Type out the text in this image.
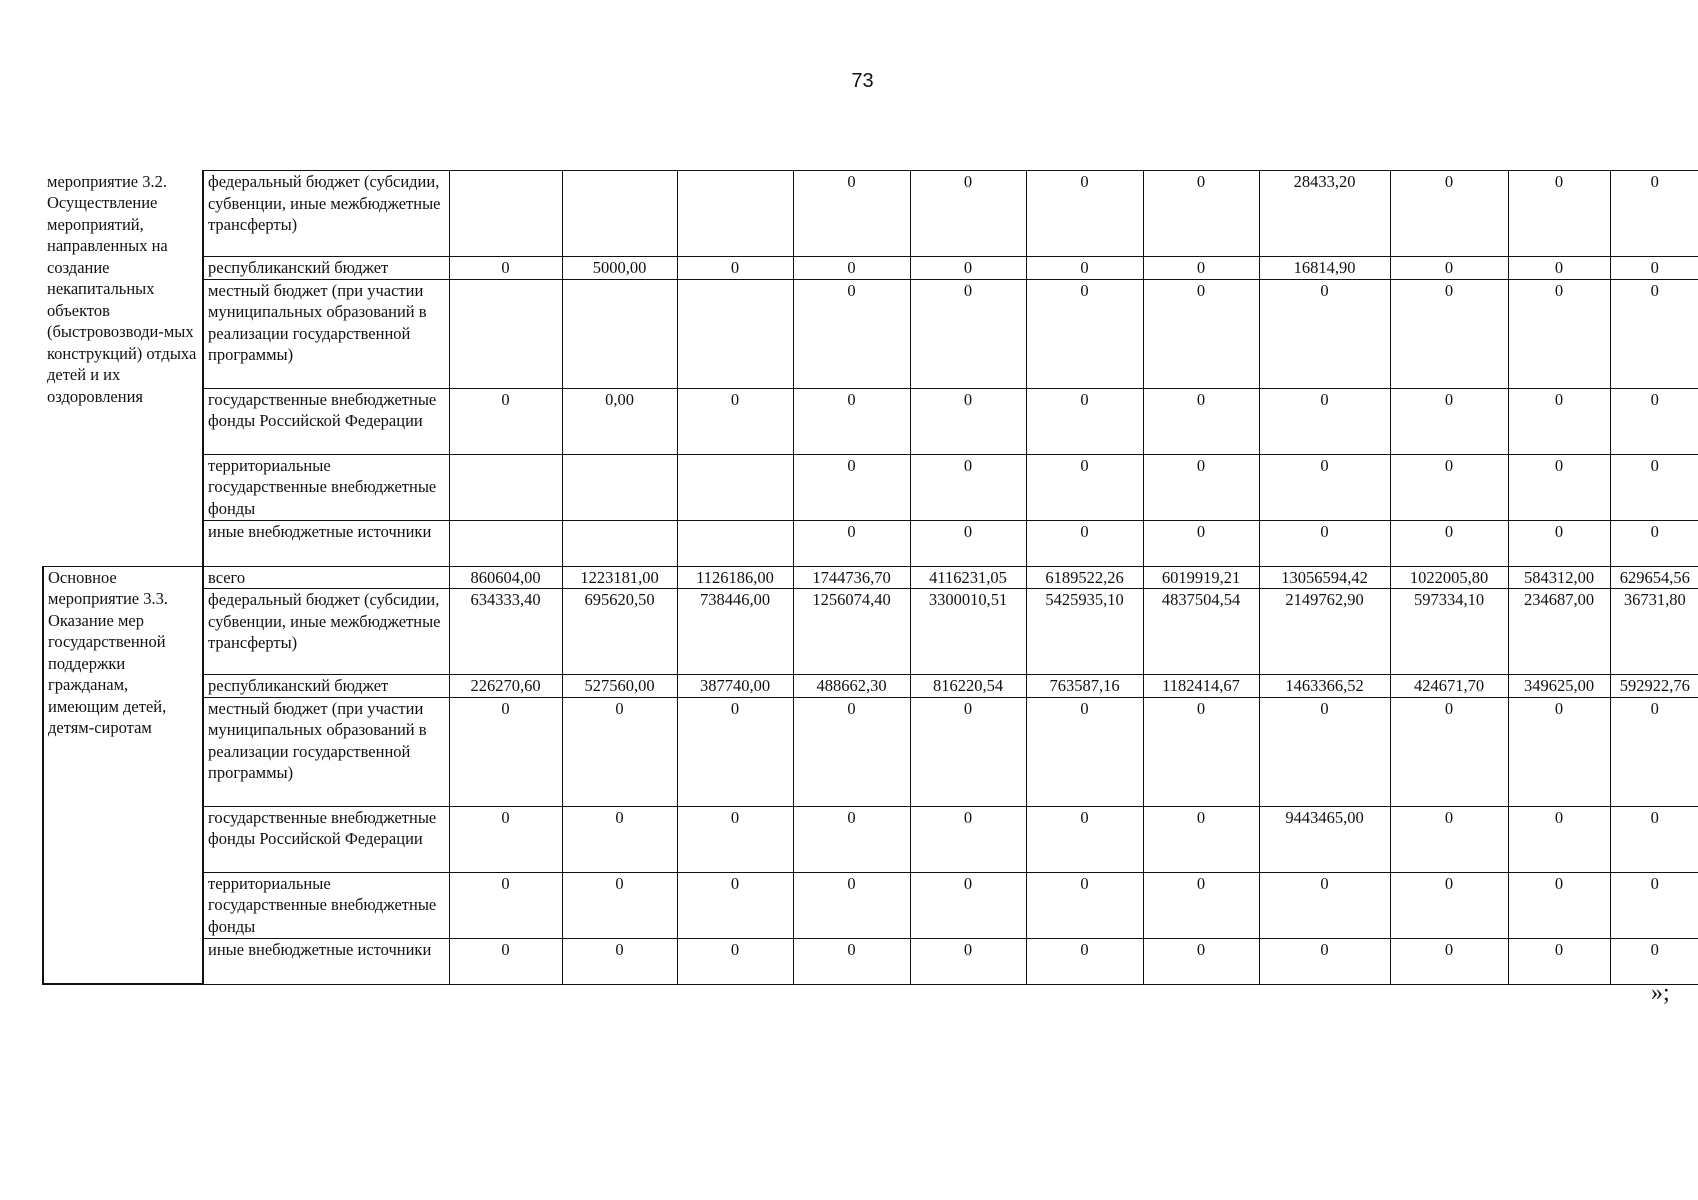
73
мероприятие 3.2. Осуществление мероприятий, направленных на создание некапитальных объектов (быстровозводи-мых конструкций) отдыха детей и их оздоровления	федеральный бюджет (субсидии, субвенции, иные межбюджетные трансферты)				0	0	0	0	28433,20	0	0	0
	республиканский бюджет	0	5000,00	0	0	0	0	0	16814,90	0	0	0
	местный бюджет (при участии муниципальных образований в реализации государственной программы)				0	0	0	0	0	0	0	0
	государственные внебюджетные фонды Российской Федерации	0	0,00	0	0	0	0	0	0	0	0	0
	территориальные государственные внебюджетные фонды				0	0	0	0	0	0	0	0
	иные внебюджетные источники				0	0	0	0	0	0	0	0
Основное мероприятие 3.3. Оказание мер государственной поддержки гражданам, имеющим детей, детям-сиротам	всего	860604,00	1223181,00	1126186,00	1744736,70	4116231,05	6189522,26	6019919,21	13056594,42	1022005,80	584312,00	629654,56
	федеральный бюджет (субсидии, субвенции, иные межбюджетные трансферты)	634333,40	695620,50	738446,00	1256074,40	3300010,51	5425935,10	4837504,54	2149762,90	597334,10	234687,00	36731,80
	республиканский бюджет	226270,60	527560,00	387740,00	488662,30	816220,54	763587,16	1182414,67	1463366,52	424671,70	349625,00	592922,76
	местный бюджет (при участии муниципальных образований в реализации государственной программы)	0	0	0	0	0	0	0	0	0	0	0
	государственные внебюджетные фонды Российской Федерации	0	0	0	0	0	0	0	9443465,00	0	0	0
	территориальные государственные внебюджетные фонды	0	0	0	0	0	0	0	0	0	0	0
	иные внебюджетные источники	0	0	0	0	0	0	0	0	0	0	0
»;
